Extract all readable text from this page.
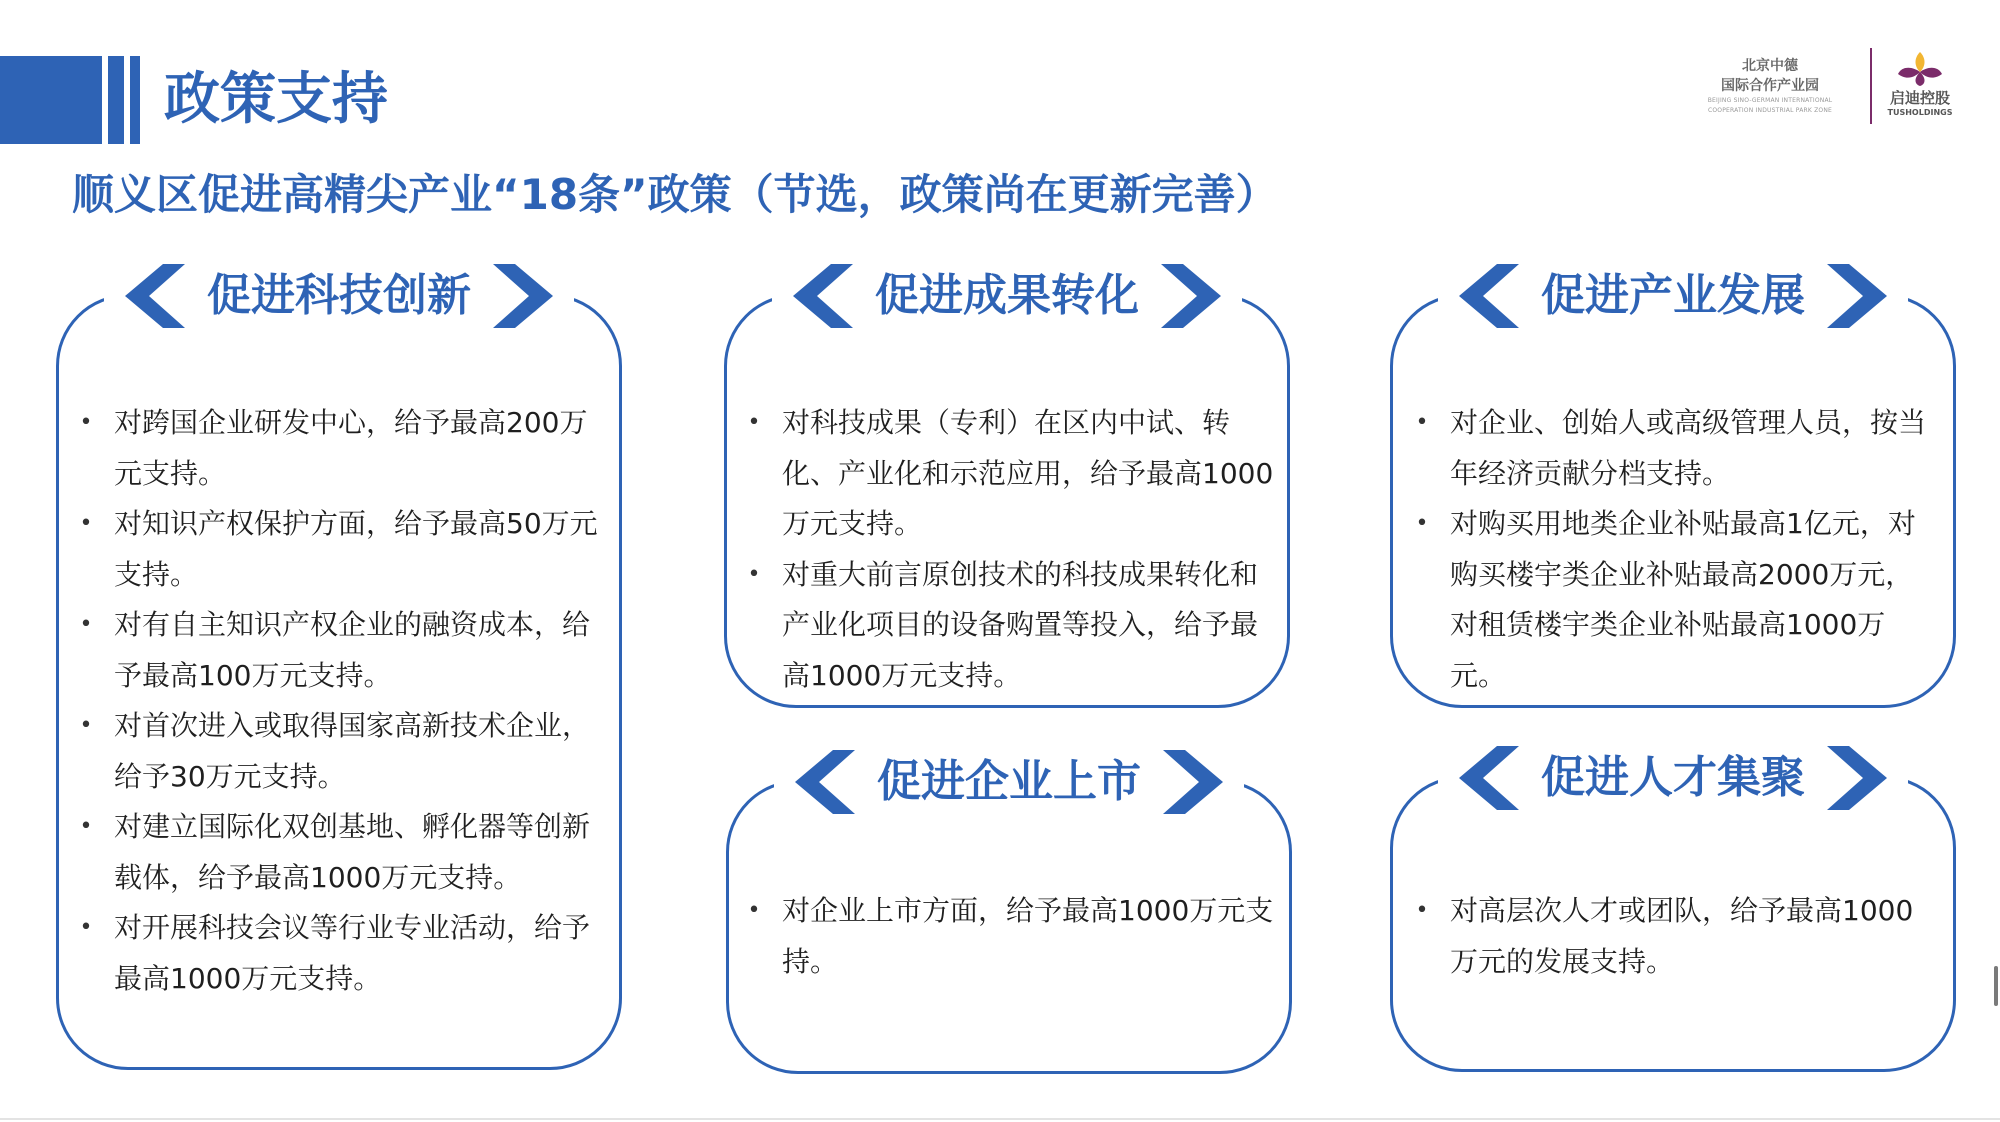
政策支持
顺义区促进高精尖产业“18条”政策（节选，政策尚在更新完善）
北京中德
国际合作产业园
BEIJING SINO-GERMAN INTERNATIONAL
COOPERATION INDUSTRIAL PARK ZONE
启迪控股
TUSHOLDINGS
促进科技创新
• 对跨国企业研发中心，给予最高200万元支持。
• 对知识产权保护方面，给予最高50万元支持。
• 对有自主知识产权企业的融资成本，给予最高100万元支持。
• 对首次进入或取得国家高新技术企业，给予30万元支持。
• 对建立国际化双创基地、孵化器等创新载体，给予最高1000万元支持。
• 对开展科技会议等行业专业活动，给予最高1000万元支持。
促进成果转化
• 对科技成果（专利）在区内中试、转化、产业化和示范应用，给予最高1000万元支持。
• 对重大前言原创技术的科技成果转化和产业化项目的设备购置等投入，给予最高1000万元支持。
促进产业发展
• 对企业、创始人或高级管理人员，按当年经济贡献分档支持。
• 对购买用地类企业补贴最高1亿元，对购买楼宇类企业补贴最高2000万元，对租赁楼宇类企业补贴最高1000万元。
促进企业上市
• 对企业上市方面，给予最高1000万元支持。
促进人才集聚
• 对高层次人才或团队，给予最高1000万元的发展支持。
